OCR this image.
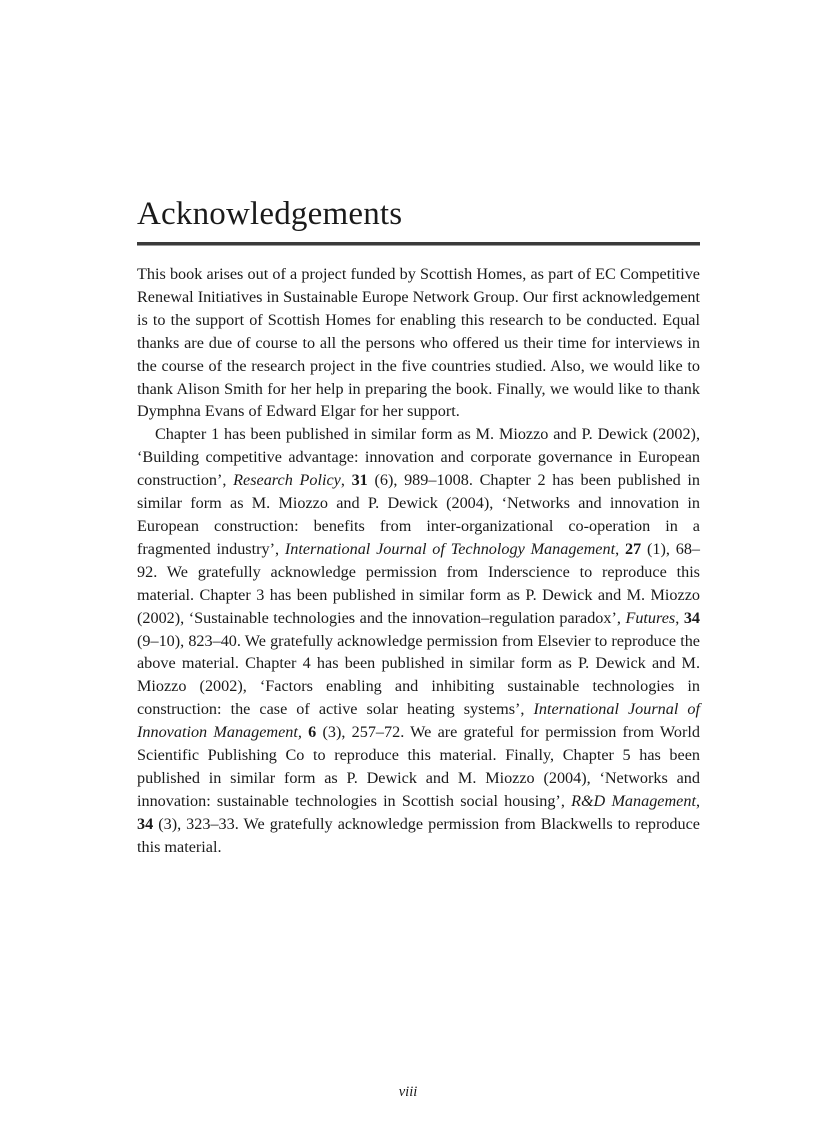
Acknowledgements

This book arises out of a project funded by Scottish Homes, as part of EC Competitive Renewal Initiatives in Sustainable Europe Network Group. Our first acknowledgement is to the support of Scottish Homes for enabling this research to be conducted. Equal thanks are due of course to all the persons who offered us their time for interviews in the course of the research project in the five countries studied. Also, we would like to thank Alison Smith for her help in preparing the book. Finally, we would like to thank Dymphna Evans of Edward Elgar for her support.

Chapter 1 has been published in similar form as M. Miozzo and P. Dewick (2002), ‘Building competitive advantage: innovation and corporate governance in European construction’, Research Policy, 31 (6), 989–1008. Chapter 2 has been published in similar form as M. Miozzo and P. Dewick (2004), ‘Networks and innovation in European construction: benefits from inter-organizational co-operation in a fragmented industry’, International Journal of Technology Management, 27 (1), 68–92. We gratefully acknowledge permission from Inderscience to reproduce this material. Chapter 3 has been published in similar form as P. Dewick and M. Miozzo (2002), ‘Sustainable technologies and the innovation–regulation paradox’, Futures, 34 (9–10), 823–40. We gratefully acknowledge permission from Elsevier to reproduce the above material. Chapter 4 has been published in similar form as P. Dewick and M. Miozzo (2002), ‘Factors enabling and inhibiting sustainable technologies in construction: the case of active solar heating systems’, International Journal of Innovation Management, 6 (3), 257–72. We are grateful for permission from World Scientific Publishing Co to reproduce this material. Finally, Chapter 5 has been published in similar form as P. Dewick and M. Miozzo (2004), ‘Networks and innovation: sustainable technologies in Scottish social housing’, R&D Management, 34 (3), 323–33. We gratefully acknowledge permission from Blackwells to reproduce this material.

viii
